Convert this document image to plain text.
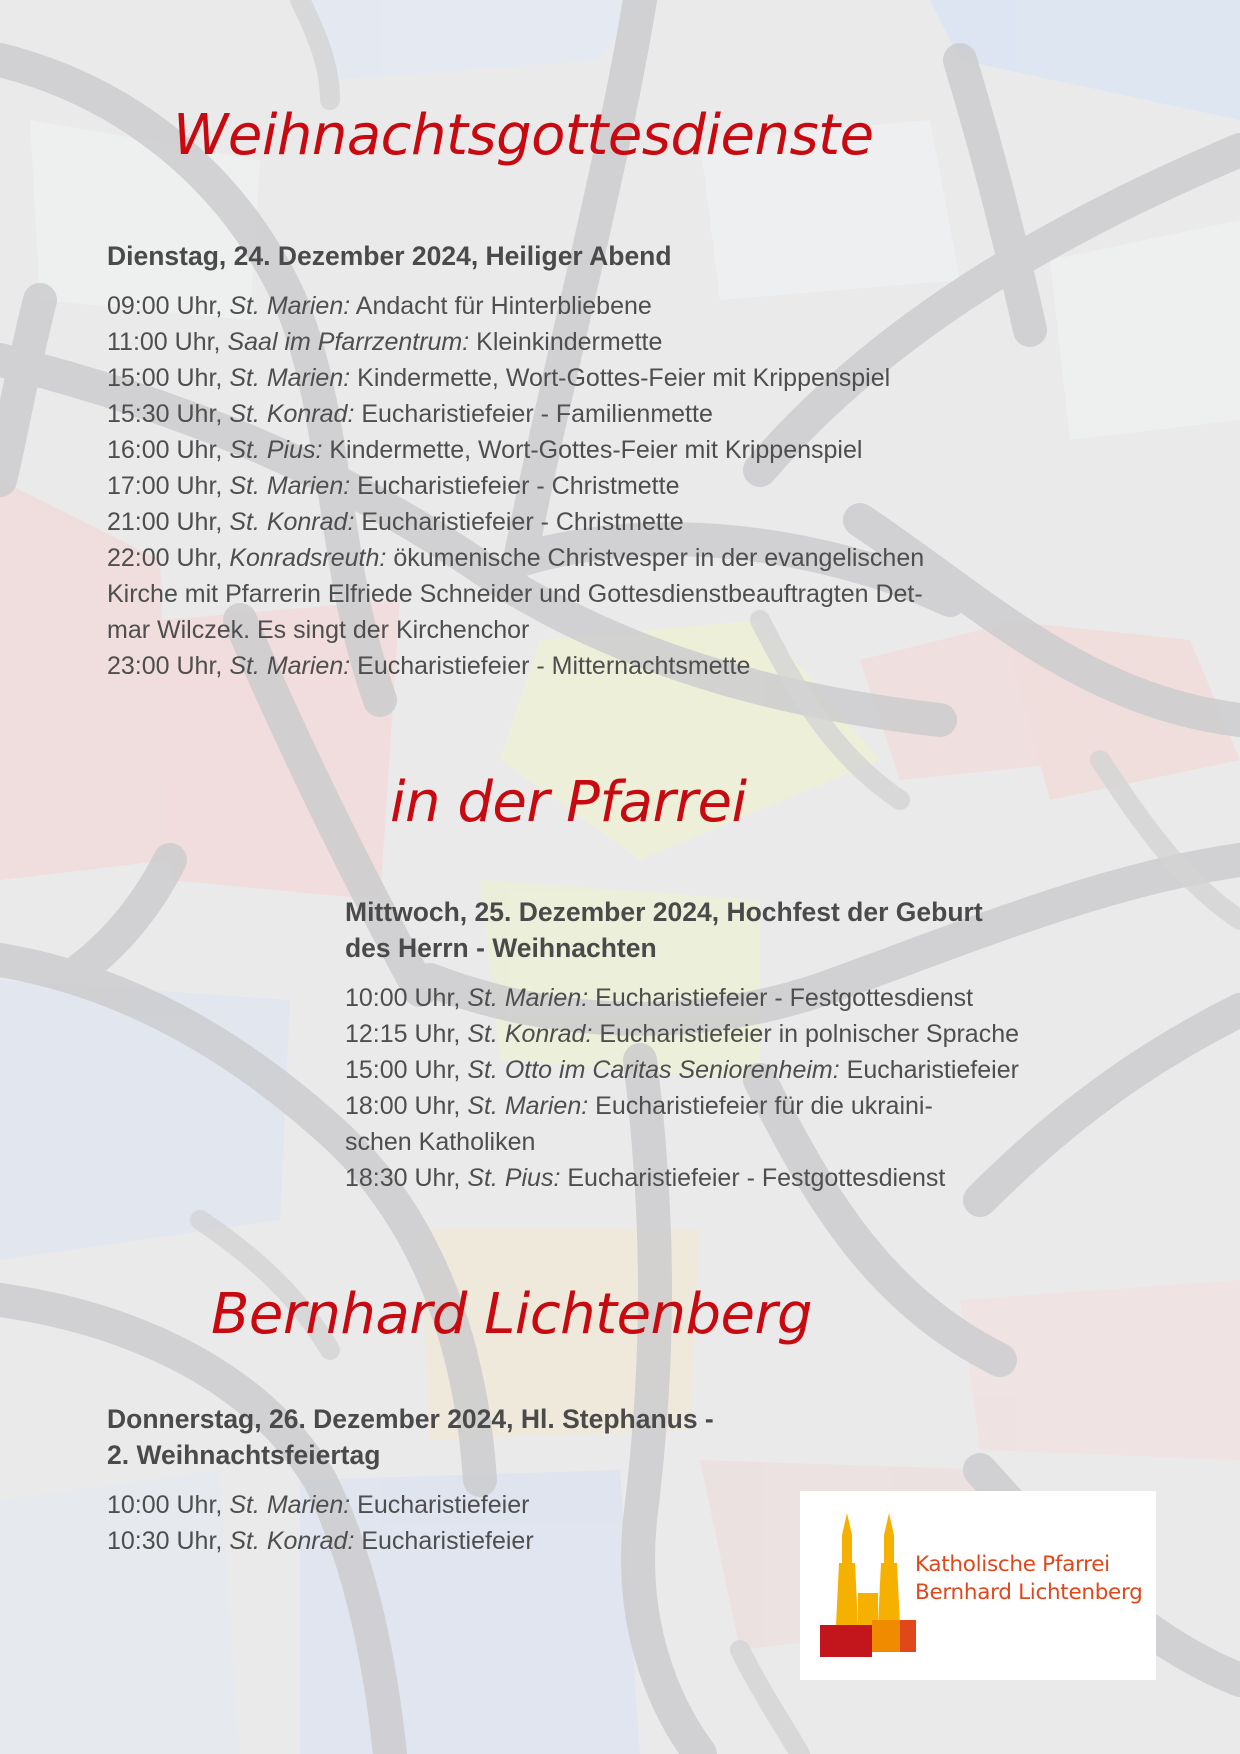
Weihnachtsgottesdienste
in der Pfarrei
Bernhard Lichtenberg
Dienstag, 24. Dezember 2024, Heiliger Abend
09:00 Uhr, St. Marien: Andacht für Hinterbliebene
11:00 Uhr, Saal im Pfarrzentrum: Kleinkindermette
15:00 Uhr, St. Marien: Kindermette, Wort-Gottes-Feier mit Krippenspiel
15:30 Uhr, St. Konrad: Eucharistiefeier - Familienmette
16:00 Uhr, St. Pius: Kindermette, Wort-Gottes-Feier mit Krippenspiel
17:00 Uhr, St. Marien: Eucharistiefeier - Christmette
21:00 Uhr, St. Konrad: Eucharistiefeier - Christmette
22:00 Uhr, Konradsreuth: ökumenische Christvesper in der evangelischen
Kirche mit Pfarrerin Elfriede Schneider und Gottesdienstbeauftragten Det-
mar Wilczek. Es singt der Kirchenchor
23:00 Uhr, St. Marien: Eucharistiefeier - Mitternachtsmette
Mittwoch, 25. Dezember 2024, Hochfest der Geburt
des Herrn - Weihnachten
10:00 Uhr, St. Marien: Eucharistiefeier - Festgottesdienst
12:15 Uhr, St. Konrad: Eucharistiefeier in polnischer Sprache
15:00 Uhr, St. Otto im Caritas Seniorenheim: Eucharistiefeier
18:00 Uhr, St. Marien: Eucharistiefeier für die ukraini-
schen Katholiken
18:30 Uhr, St. Pius: Eucharistiefeier - Festgottesdienst
Donnerstag, 26. Dezember 2024, Hl. Stephanus -
2. Weihnachtsfeiertag
10:00 Uhr, St. Marien: Eucharistiefeier
10:30 Uhr, St. Konrad: Eucharistiefeier
Katholische Pfarrei
Bernhard Lichtenberg
